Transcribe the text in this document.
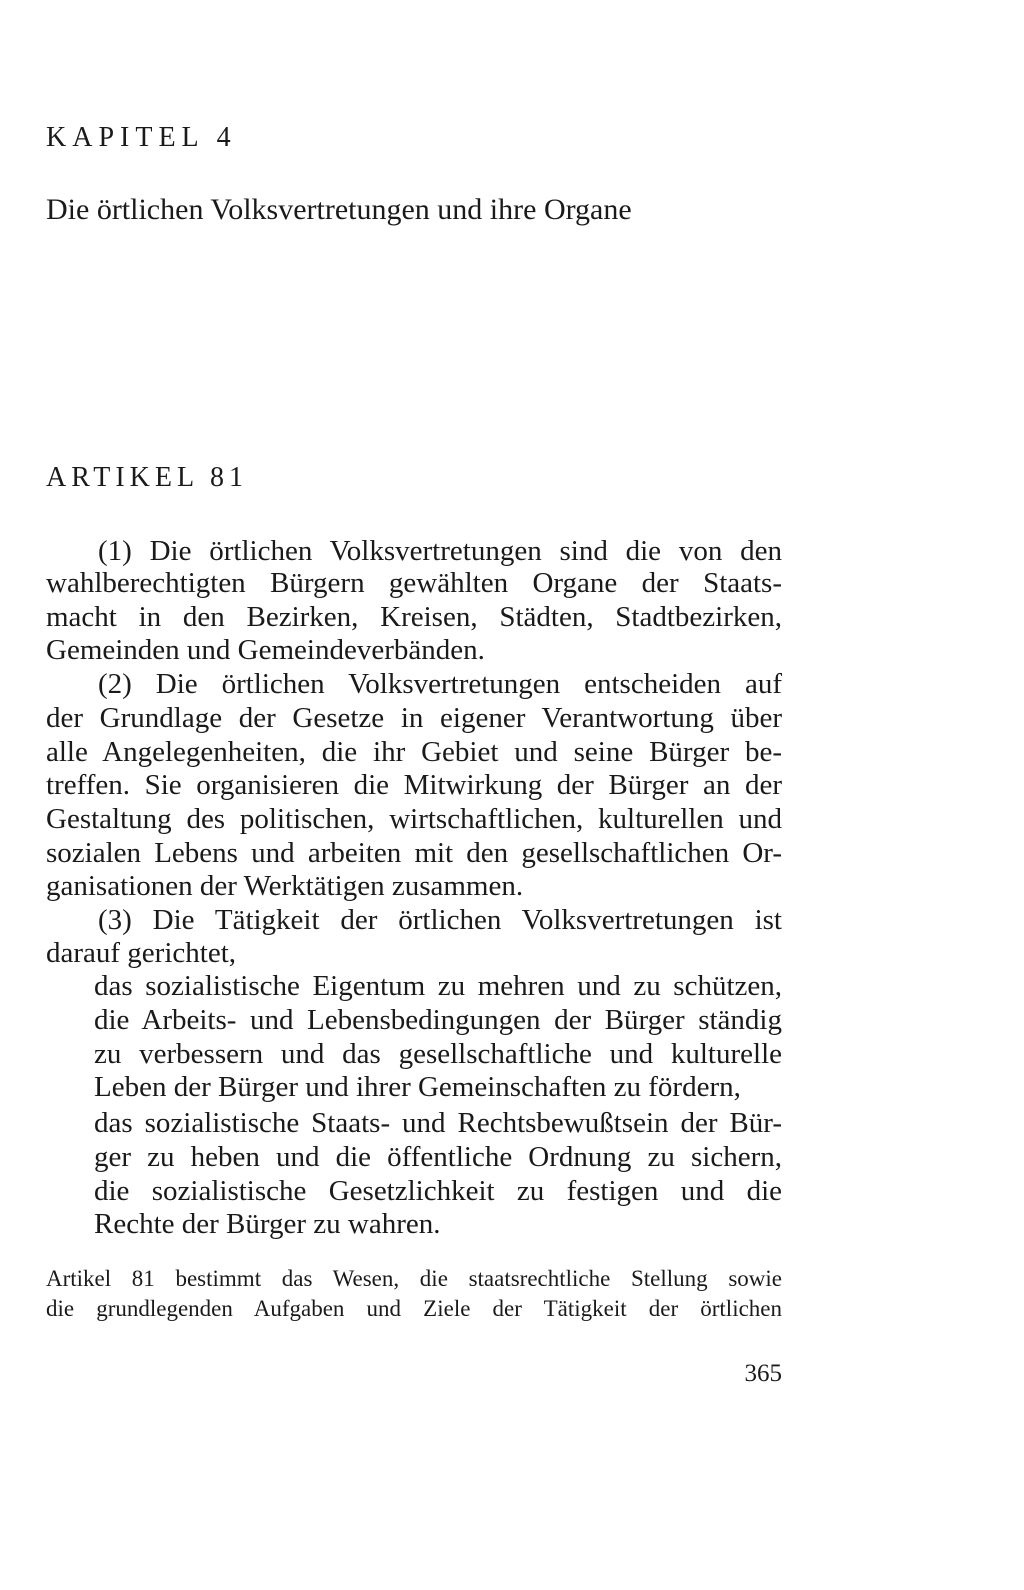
KAPITEL 4
Die örtlichen Volksvertretungen und ihre Organe
ARTIKEL 81
(1) Die örtlichen Volksvertretungen sind die von den
wahlberechtigten Bürgern gewählten Organe der Staats-
macht in den Bezirken, Kreisen, Städten, Stadtbezirken,
Gemeinden und Gemeindeverbänden.
(2) Die örtlichen Volksvertretungen entscheiden auf
der Grundlage der Gesetze in eigener Verantwortung über
alle Angelegenheiten, die ihr Gebiet und seine Bürger be-
treffen. Sie organisieren die Mitwirkung der Bürger an der
Gestaltung des politischen, wirtschaftlichen, kulturellen und
sozialen Lebens und arbeiten mit den gesellschaftlichen Or-
ganisationen der Werktätigen zusammen.
(3) Die Tätigkeit der örtlichen Volksvertretungen ist
darauf gerichtet,
das sozialistische Eigentum zu mehren und zu schützen,
die Arbeits- und Lebensbedingungen der Bürger ständig
zu verbessern und das gesellschaftliche und kulturelle
Leben der Bürger und ihrer Gemeinschaften zu fördern,
das sozialistische Staats- und Rechtsbewußtsein der Bür-
ger zu heben und die öffentliche Ordnung zu sichern,
die sozialistische Gesetzlichkeit zu festigen und die
Rechte der Bürger zu wahren.
Artikel 81 bestimmt das Wesen, die staatsrechtliche Stellung sowie
die grundlegenden Aufgaben und Ziele der Tätigkeit der örtlichen
365
